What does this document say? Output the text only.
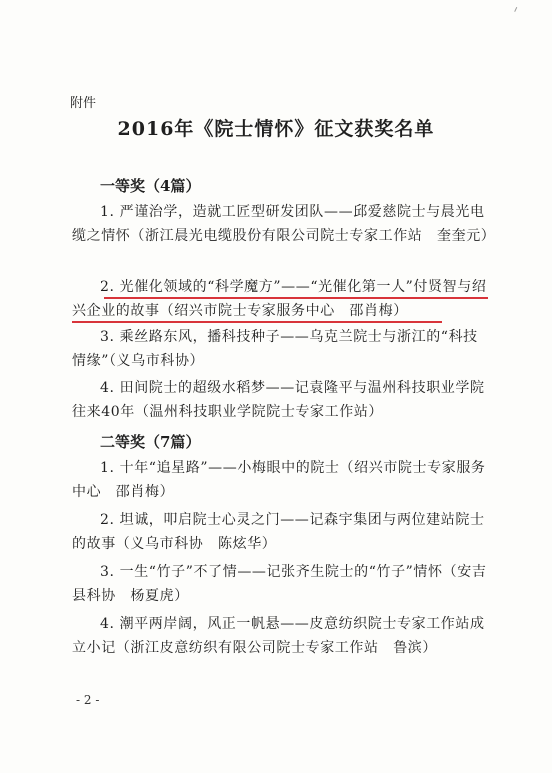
附件
2016年《院士情怀》征文获奖名单
一等奖（4篇）
1. 严谨治学，造就工匠型研发团队——邱爱慈院士与晨光电缆之情怀（浙江晨光电缆股份有限公司院士专家工作站　奎奎元）
2. 光催化领域的“科学魔方”——“光催化第一人”付贤智与绍兴企业的故事（绍兴市院士专家服务中心　邵肖梅）
3. 乘丝路东风，播科技种子——乌克兰院士与浙江的“科技情缘”（义乌市科协）
4. 田间院士的超级水稻梦——记袁隆平与温州科技职业学院往来40年（温州科技职业学院院士专家工作站）
二等奖（7篇）
1. 十年“追星路”——小梅眼中的院士（绍兴市院士专家服务中心　邵肖梅）
2. 坦诚，叩启院士心灵之门——记森宇集团与两位建站院士的故事（义乌市科协　陈炫华）
3. 一生“竹子”不了情——记张齐生院士的“竹子”情怀（安吉县科协　杨夏虎）
4. 潮平两岸阔，风正一帆悬——皮意纺织院士专家工作站成立小记（浙江皮意纺织有限公司院士专家工作站　鲁滨）
- 2 -
